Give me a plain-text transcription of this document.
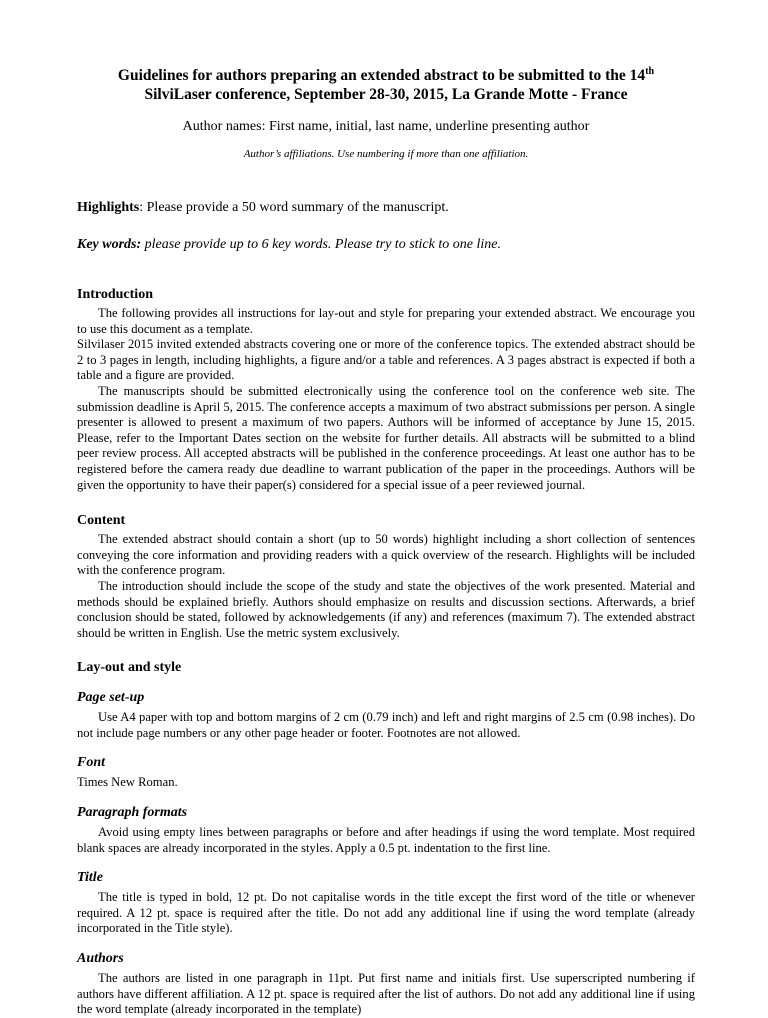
Guidelines for authors preparing an extended abstract to be submitted to the 14th
SilviLaser conference, September 28-30, 2015, La Grande Motte - France

Author names: First name, initial, last name, underline presenting author

Author’s affiliations. Use numbering if more than one affiliation.

Highlights: Please provide a 50 word summary of the manuscript.

Key words: please provide up to 6 key words. Please try to stick to one line.

Introduction

The following provides all instructions for lay-out and style for preparing your extended abstract. We encourage you to use this document as a template.

Silvilaser 2015 invited extended abstracts covering one or more of the conference topics. The extended abstract should be 2 to 3 pages in length, including highlights, a figure and/or a table and references. A 3 pages abstract is expected if both a table and a figure are provided.

The manuscripts should be submitted electronically using the conference tool on the conference web site. The submission deadline is April 5, 2015. The conference accepts a maximum of two abstract submissions per person. A single presenter is allowed to present a maximum of two papers. Authors will be informed of acceptance by June 15, 2015. Please, refer to the Important Dates section on the website for further details. All abstracts will be submitted to a blind peer review process. All accepted abstracts will be published in the conference proceedings. At least one author has to be registered before the camera ready due deadline to warrant publication of the paper in the proceedings. Authors will be given the opportunity to have their paper(s) considered for a special issue of a peer reviewed journal.

Content

The extended abstract should contain a short (up to 50 words) highlight including a short collection of sentences conveying the core information and providing readers with a quick overview of the research. Highlights will be included with the conference program.

The introduction should include the scope of the study and state the objectives of the work presented. Material and methods should be explained briefly. Authors should emphasize on results and discussion sections. Afterwards, a brief conclusion should be stated, followed by acknowledgements (if any) and references (maximum 7). The extended abstract should be written in English. Use the metric system exclusively.

Lay-out and style
Page set-up

Use A4 paper with top and bottom margins of 2 cm (0.79 inch) and left and right margins of 2.5 cm (0.98 inches). Do not include page numbers or any other page header or footer. Footnotes are not allowed.

Font

Times New Roman.

Paragraph formats

Avoid using empty lines between paragraphs or before and after headings if using the word template. Most required blank spaces are already incorporated in the styles. Apply a 0.5 pt. indentation to the first line.

Title

The title is typed in bold, 12 pt. Do not capitalise words in the title except the first word of the title or whenever required. A 12 pt. space is required after the title. Do not add any additional line if using the word template (already incorporated in the Title style).

Authors

The authors are listed in one paragraph in 11pt. Put first name and initials first. Use superscripted numbering if authors have different affiliation. A 12 pt. space is required after the list of authors. Do not add any additional line if using the word template (already incorporated in the template)
